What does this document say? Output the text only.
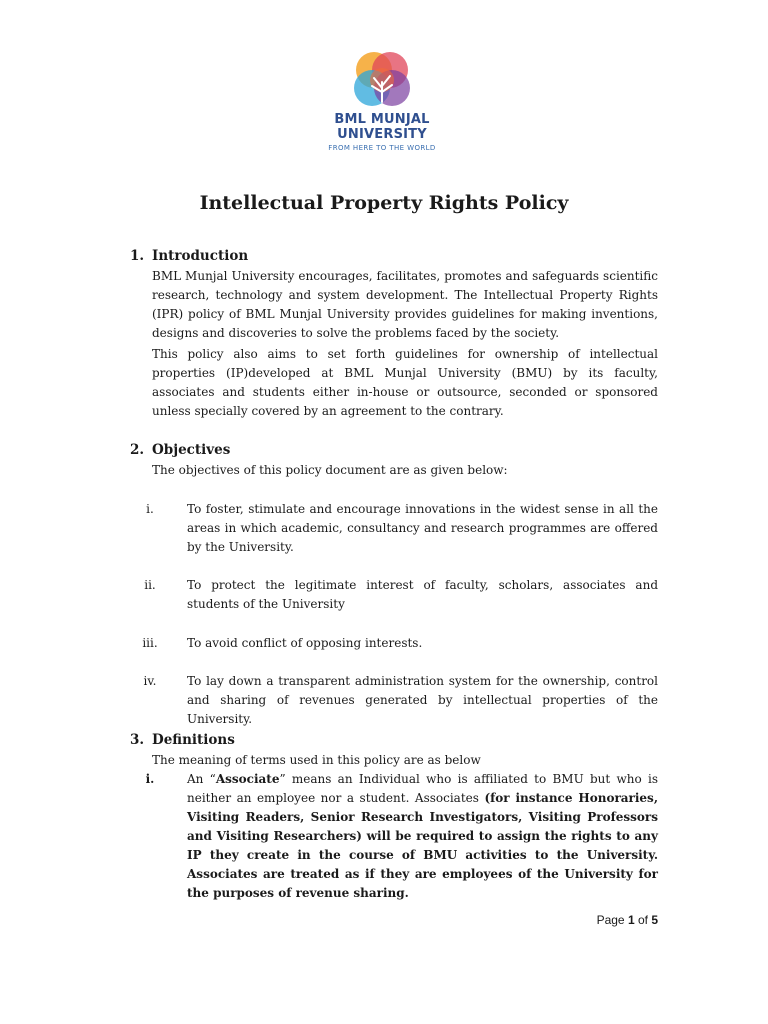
BML MUNJAL
UNIVERSITY
FROM HERE TO THE WORLD
Intellectual Property Rights Policy
1. Introduction
BML Munjal University encourages, facilitates, promotes and safeguards scientific research, technology and system development. The Intellectual Property Rights (IPR) policy of BML Munjal University provides guidelines for making inventions, designs and discoveries to solve the problems faced by the society.
This policy also aims to set forth guidelines for ownership of intellectual properties (IP)developed at BML Munjal University (BMU) by its faculty, associates and students either in-house or outsource, seconded or sponsored unless specially covered by an agreement to the contrary.
2. Objectives
The objectives of this policy document are as given below:
i.	To foster, stimulate and encourage innovations in the widest sense in all the areas in which academic, consultancy and research programmes are offered by the University.
ii.	To protect the legitimate interest of faculty, scholars, associates and students of the University
iii.	To avoid conflict of opposing interests.
iv.	To lay down a transparent administration system for the ownership, control and sharing of revenues generated by intellectual properties of the University.
3. Definitions
The meaning of terms used in this policy are as below
i.	An “Associate” means an Individual who is affiliated to BMU but who is neither an employee nor a student. Associates (for instance Honoraries, Visiting Readers, Senior Research Investigators, Visiting Professors and Visiting Researchers) will be required to assign the rights to any IP they create in the course of BMU activities to the University. Associates are treated as if they are employees of the University for the purposes of revenue sharing.
Page 1 of 5
